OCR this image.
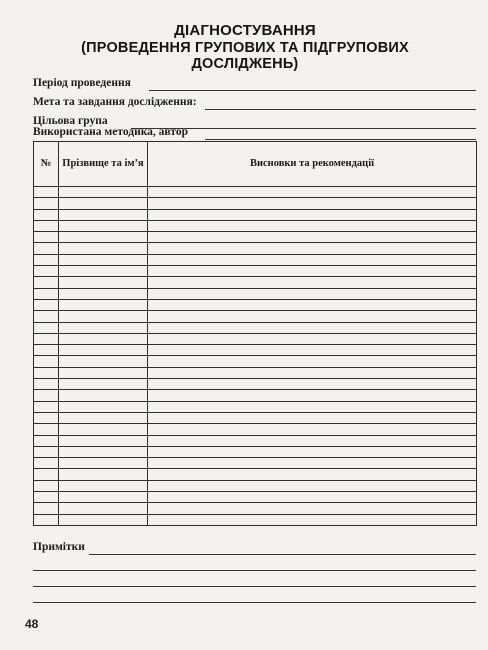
ДІАГНОСТУВАННЯ
(ПРОВЕДЕННЯ ГРУПОВИХ ТА ПІДГРУПОВИХ ДОСЛІДЖЕНЬ)
Період проведення
Мета та завдання дослідження:
Цільова група
Використана методика, автор
№	Прізвище та ім’я	Висновки та рекомендації

Примітки
48
